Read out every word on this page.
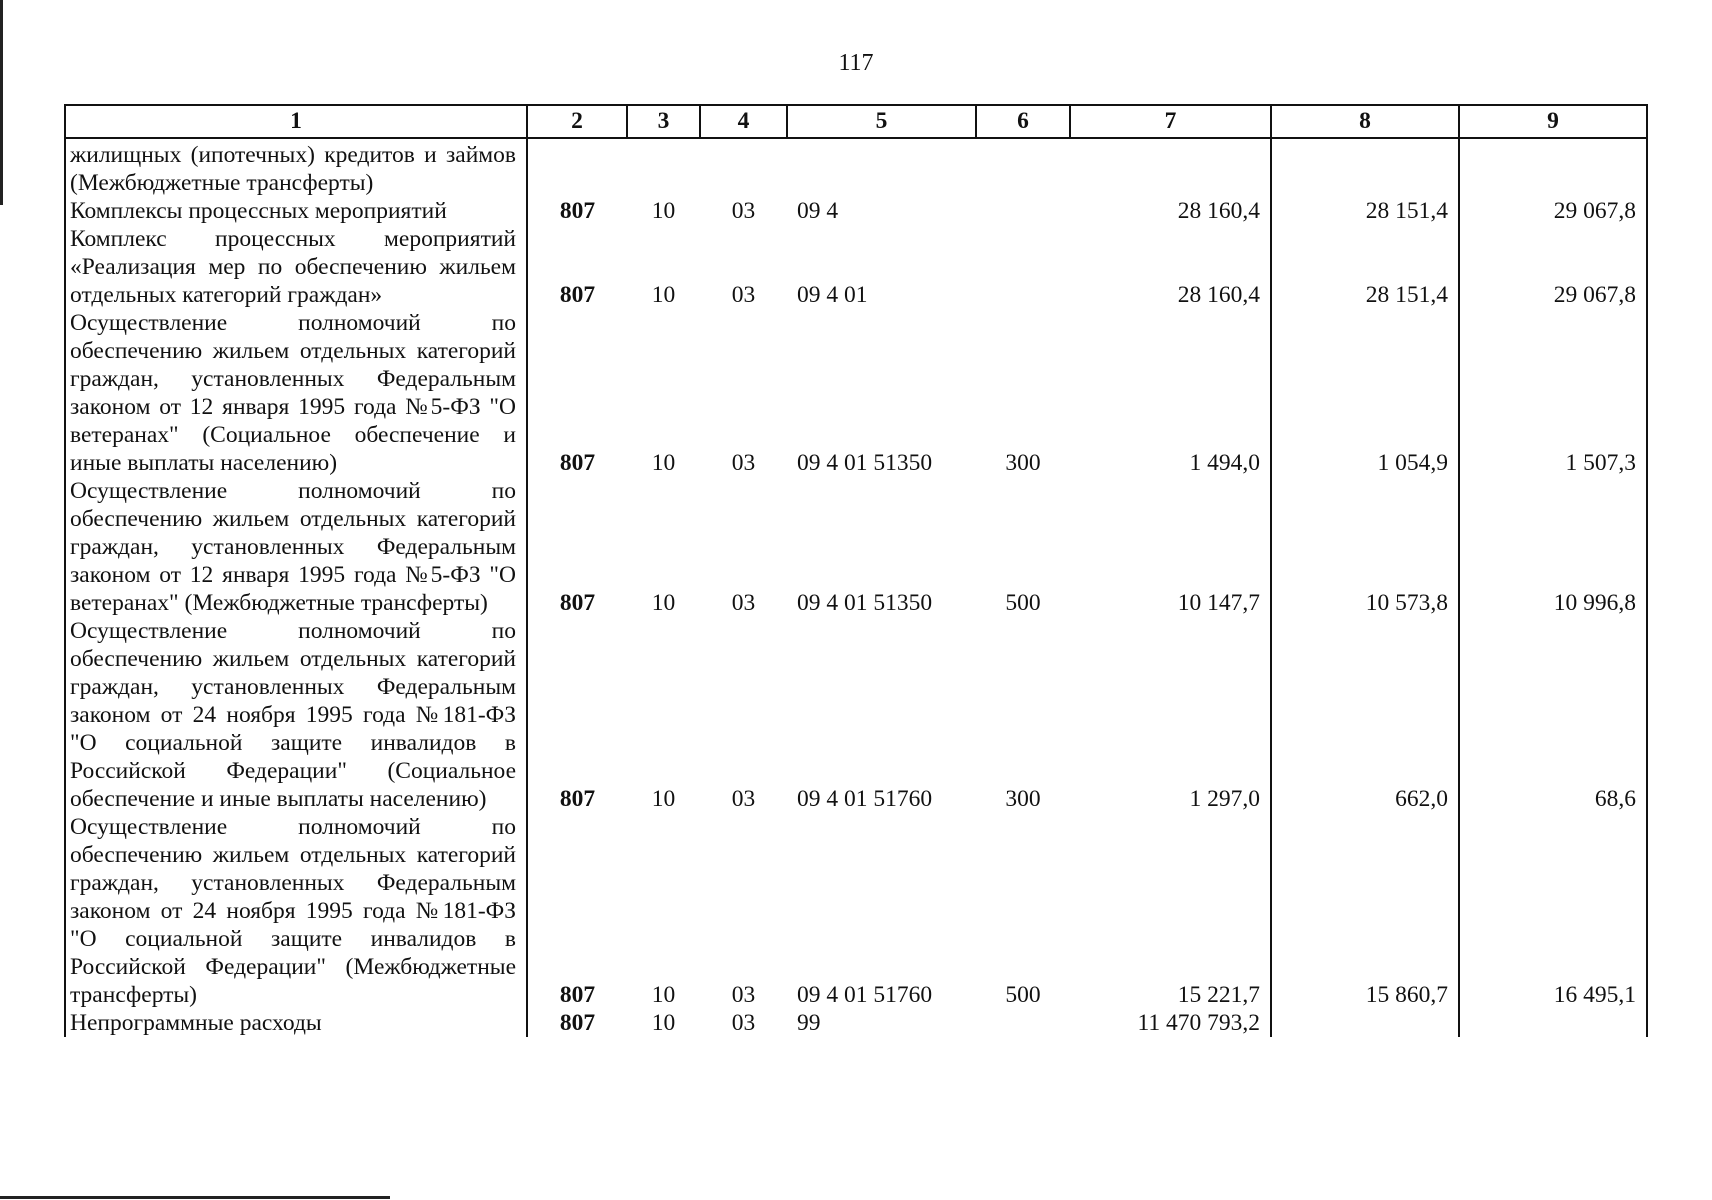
117
1	2	3	4	5	6	7	8	9
жилищных (ипотечных) кредитов и займов (Межбюджетные трансферты)								
Комплексы процессных мероприятий	807	10	03	09 4		28 160,4	28 151,4	29 067,8
Комплекс процессных мероприятий «Реализация мер по обеспечению жильем отдельных категорий граждан»	807	10	03	09 4 01		28 160,4	28 151,4	29 067,8
Осуществление полномочий по обеспечению жильем отдельных категорий граждан, установленных Федеральным законом от 12 января 1995 года №5-ФЗ "О ветеранах" (Социальное обеспечение и иные выплаты населению)	807	10	03	09 4 01 51350	300	1 494,0	1 054,9	1 507,3
Осуществление полномочий по обеспечению жильем отдельных категорий граждан, установленных Федеральным законом от 12 января 1995 года №5-ФЗ "О ветеранах" (Межбюджетные трансферты)	807	10	03	09 4 01 51350	500	10 147,7	10 573,8	10 996,8
Осуществление полномочий по обеспечению жильем отдельных категорий граждан, установленных Федеральным законом от 24 ноября 1995 года №181-ФЗ "О социальной защите инвалидов в Российской Федерации" (Социальное обеспечение и иные выплаты населению)	807	10	03	09 4 01 51760	300	1 297,0	662,0	68,6
Осуществление полномочий по обеспечению жильем отдельных категорий граждан, установленных Федеральным законом от 24 ноября 1995 года №181-ФЗ "О социальной защите инвалидов в Российской Федерации" (Межбюджетные трансферты)	807	10	03	09 4 01 51760	500	15 221,7	15 860,7	16 495,1
Непрограммные расходы	807	10	03	99		11 470 793,2		
